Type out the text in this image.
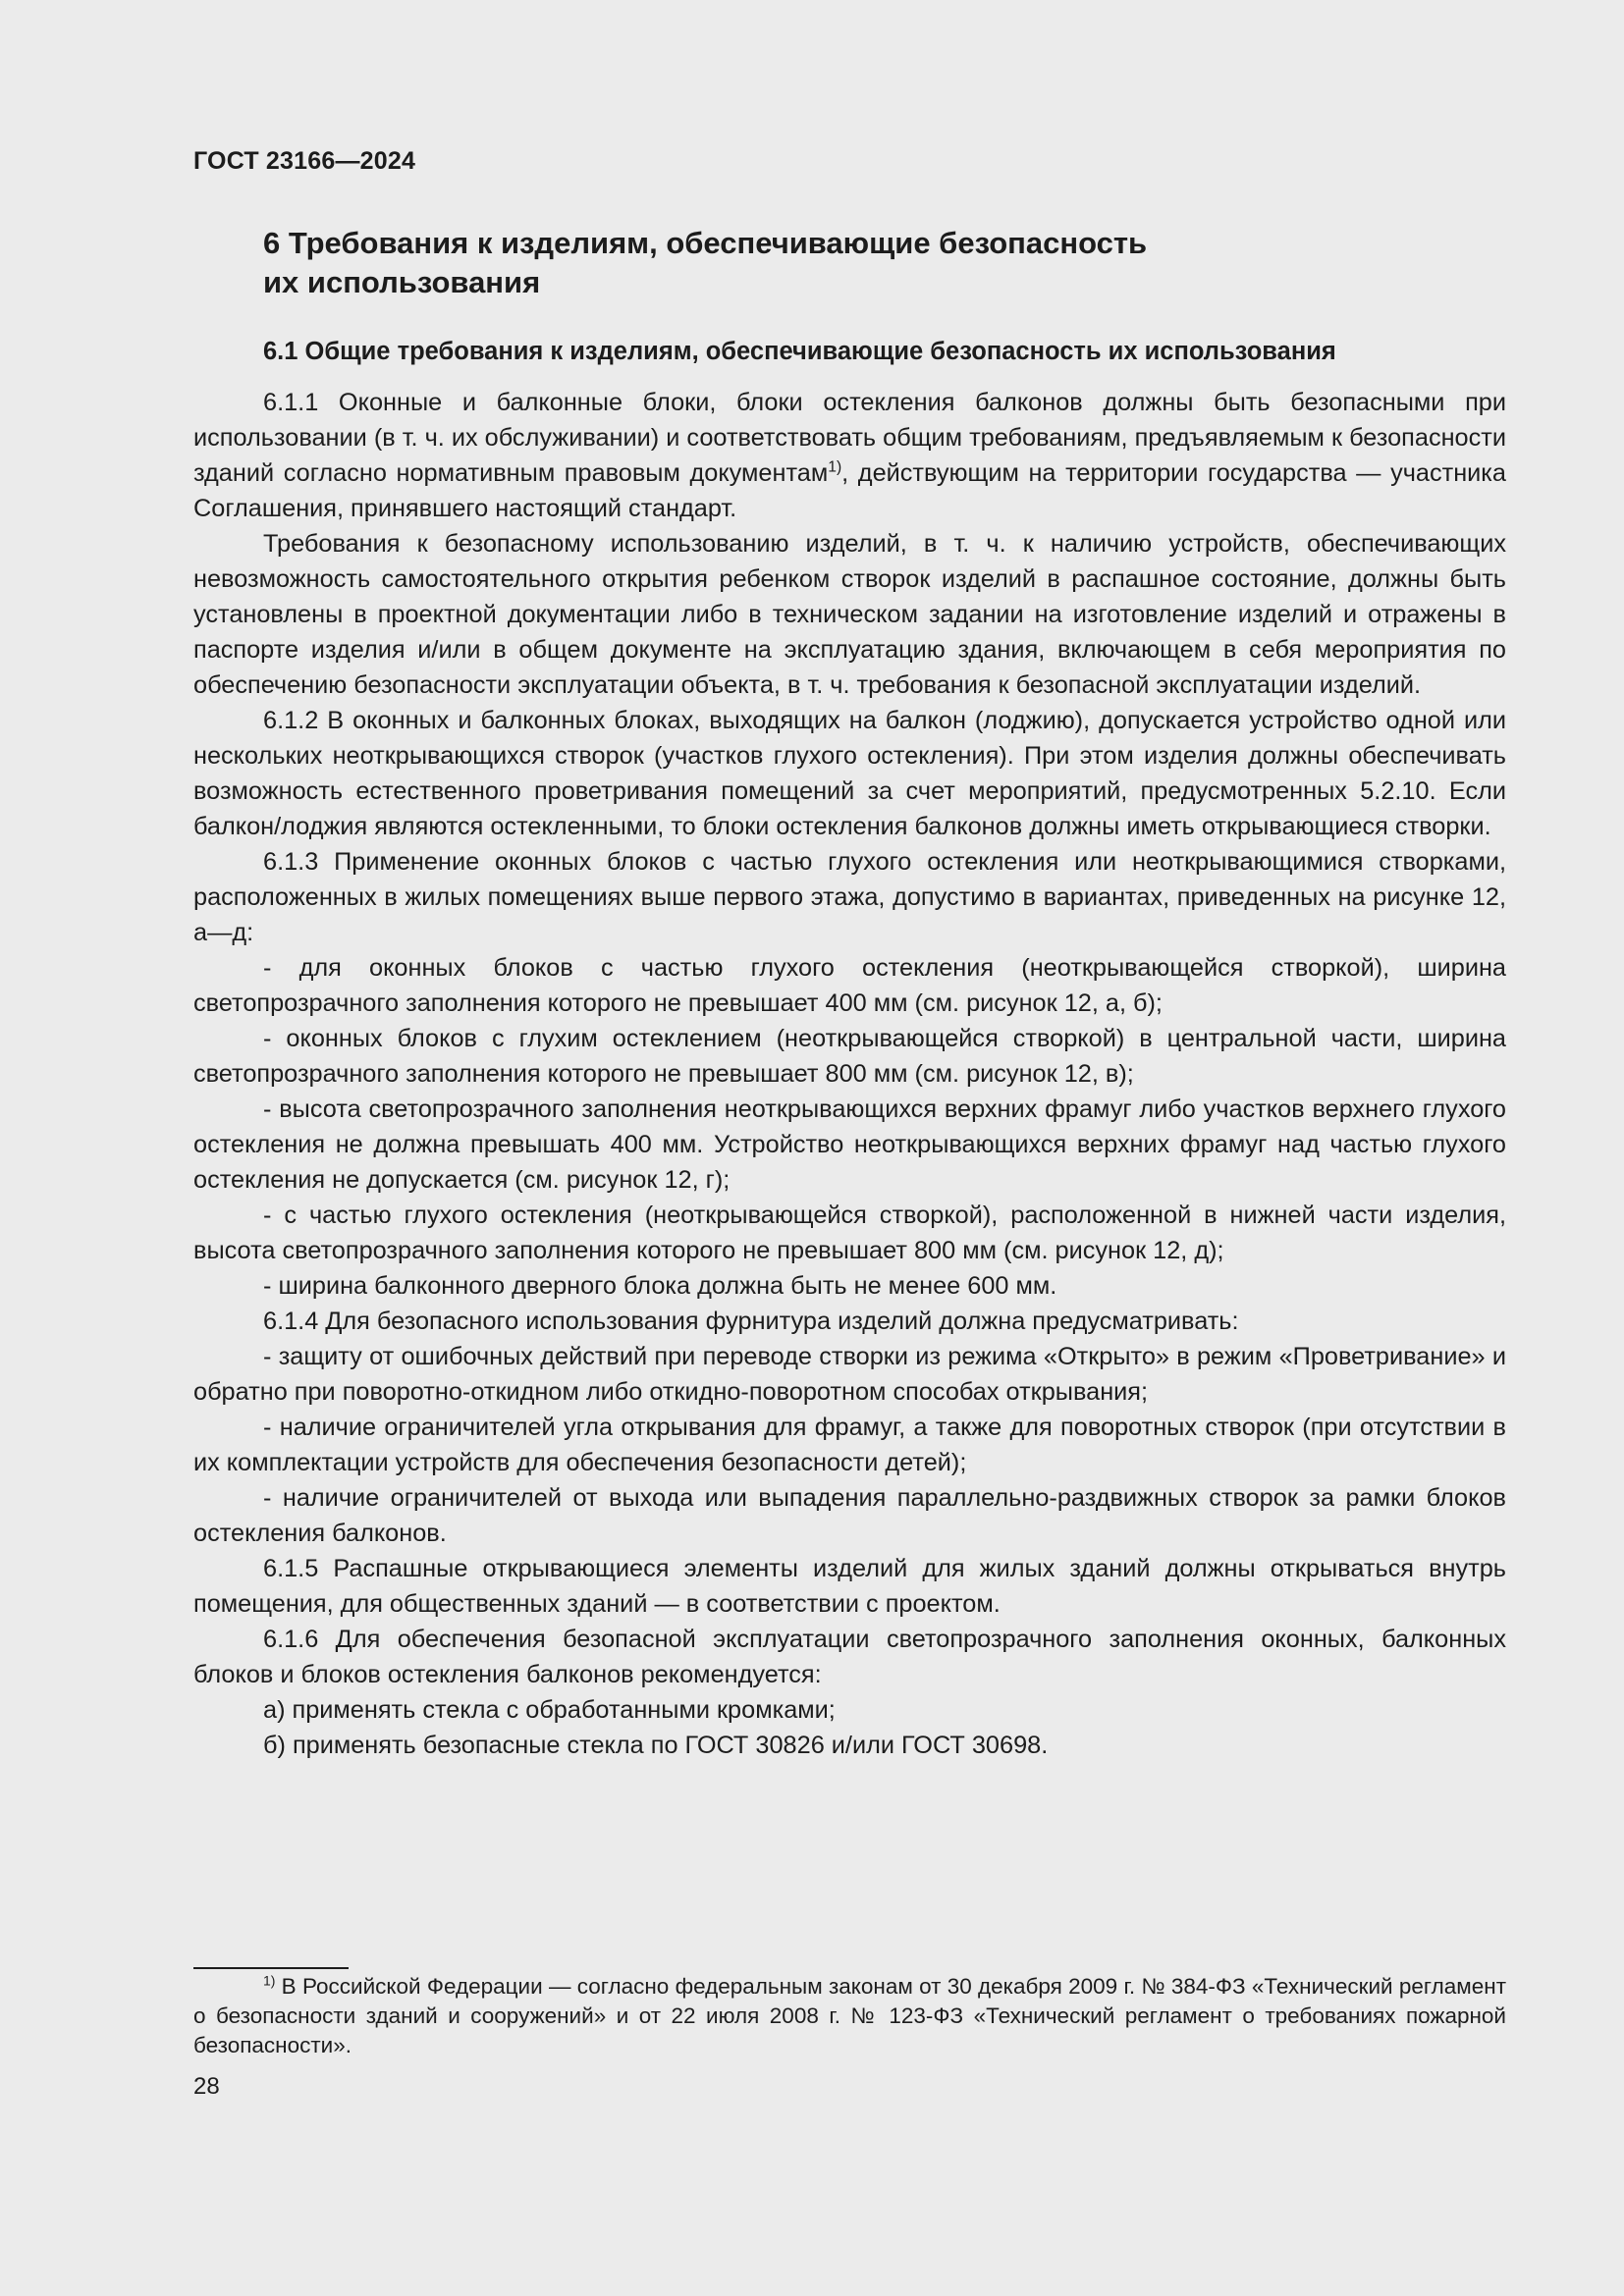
ГОСТ 23166—2024
6 Требования к изделиям, обеспечивающие безопасность
их использования
6.1 Общие требования к изделиям, обеспечивающие безопасность их использования

6.1.1 Оконные и балконные блоки, блоки остекления балконов должны быть безопасными при использовании (в т. ч. их обслуживании) и соответствовать общим требованиям, предъявляемым к безопасности зданий согласно нормативным правовым документам$^{1)}$, действующим на территории государства — участника Соглашения, принявшего настоящий стандарт.

Требования к безопасному использованию изделий, в т. ч. к наличию устройств, обеспечивающих невозможность самостоятельного открытия ребенком створок изделий в распашное состояние, должны быть установлены в проектной документации либо в техническом задании на изготовление изделий и отражены в паспорте изделия и/или в общем документе на эксплуатацию здания, включающем в себя мероприятия по обеспечению безопасности эксплуатации объекта, в т. ч. требования к безопасной эксплуатации изделий.

6.1.2 В оконных и балконных блоках, выходящих на балкон (лоджию), допускается устройство одной или нескольких неоткрывающихся створок (участков глухого остекления). При этом изделия должны обеспечивать возможность естественного проветривания помещений за счет мероприятий, предусмотренных 5.2.10. Если балкон/лоджия являются остекленными, то блоки остекления балконов должны иметь открывающиеся створки.

6.1.3 Применение оконных блоков с частью глухого остекления или неоткрывающимися створками, расположенных в жилых помещениях выше первого этажа, допустимо в вариантах, приведенных на рисунке 12, а—д:

- для оконных блоков с частью глухого остекления (неоткрывающейся створкой), ширина светопрозрачного заполнения которого не превышает 400 мм (см. рисунок 12, а, б);

- оконных блоков с глухим остеклением (неоткрывающейся створкой) в центральной части, ширина светопрозрачного заполнения которого не превышает 800 мм (см. рисунок 12, в);

- высота светопрозрачного заполнения неоткрывающихся верхних фрамуг либо участков верхнего глухого остекления не должна превышать 400 мм. Устройство неоткрывающихся верхних фрамуг над частью глухого остекления не допускается (см. рисунок 12, г);

- с частью глухого остекления (неоткрывающейся створкой), расположенной в нижней части изделия, высота светопрозрачного заполнения которого не превышает 800 мм (см. рисунок 12, д);

- ширина балконного дверного блока должна быть не менее 600 мм.

6.1.4 Для безопасного использования фурнитура изделий должна предусматривать:

- защиту от ошибочных действий при переводе створки из режима «Открыто» в режим «Проветривание» и обратно при поворотно-откидном либо откидно-поворотном способах открывания;

- наличие ограничителей угла открывания для фрамуг, а также для поворотных створок (при отсутствии в их комплектации устройств для обеспечения безопасности детей);

- наличие ограничителей от выхода или выпадения параллельно-раздвижных створок за рамки блоков остекления балконов.

6.1.5 Распашные открывающиеся элементы изделий для жилых зданий должны открываться внутрь помещения, для общественных зданий — в соответствии с проектом.

6.1.6 Для обеспечения безопасной эксплуатации светопрозрачного заполнения оконных, балконных блоков и блоков остекления балконов рекомендуется:

а) применять стекла с обработанными кромками;

б) применять безопасные стекла по ГОСТ 30826 и/или ГОСТ 30698.

$^{1)}$ В Российской Федерации — согласно федеральным законам от 30 декабря 2009 г. № 384-ФЗ «Технический регламент о безопасности зданий и сооружений» и от 22 июля 2008 г. № 123-ФЗ «Технический регламент о требованиях пожарной безопасности».

28
